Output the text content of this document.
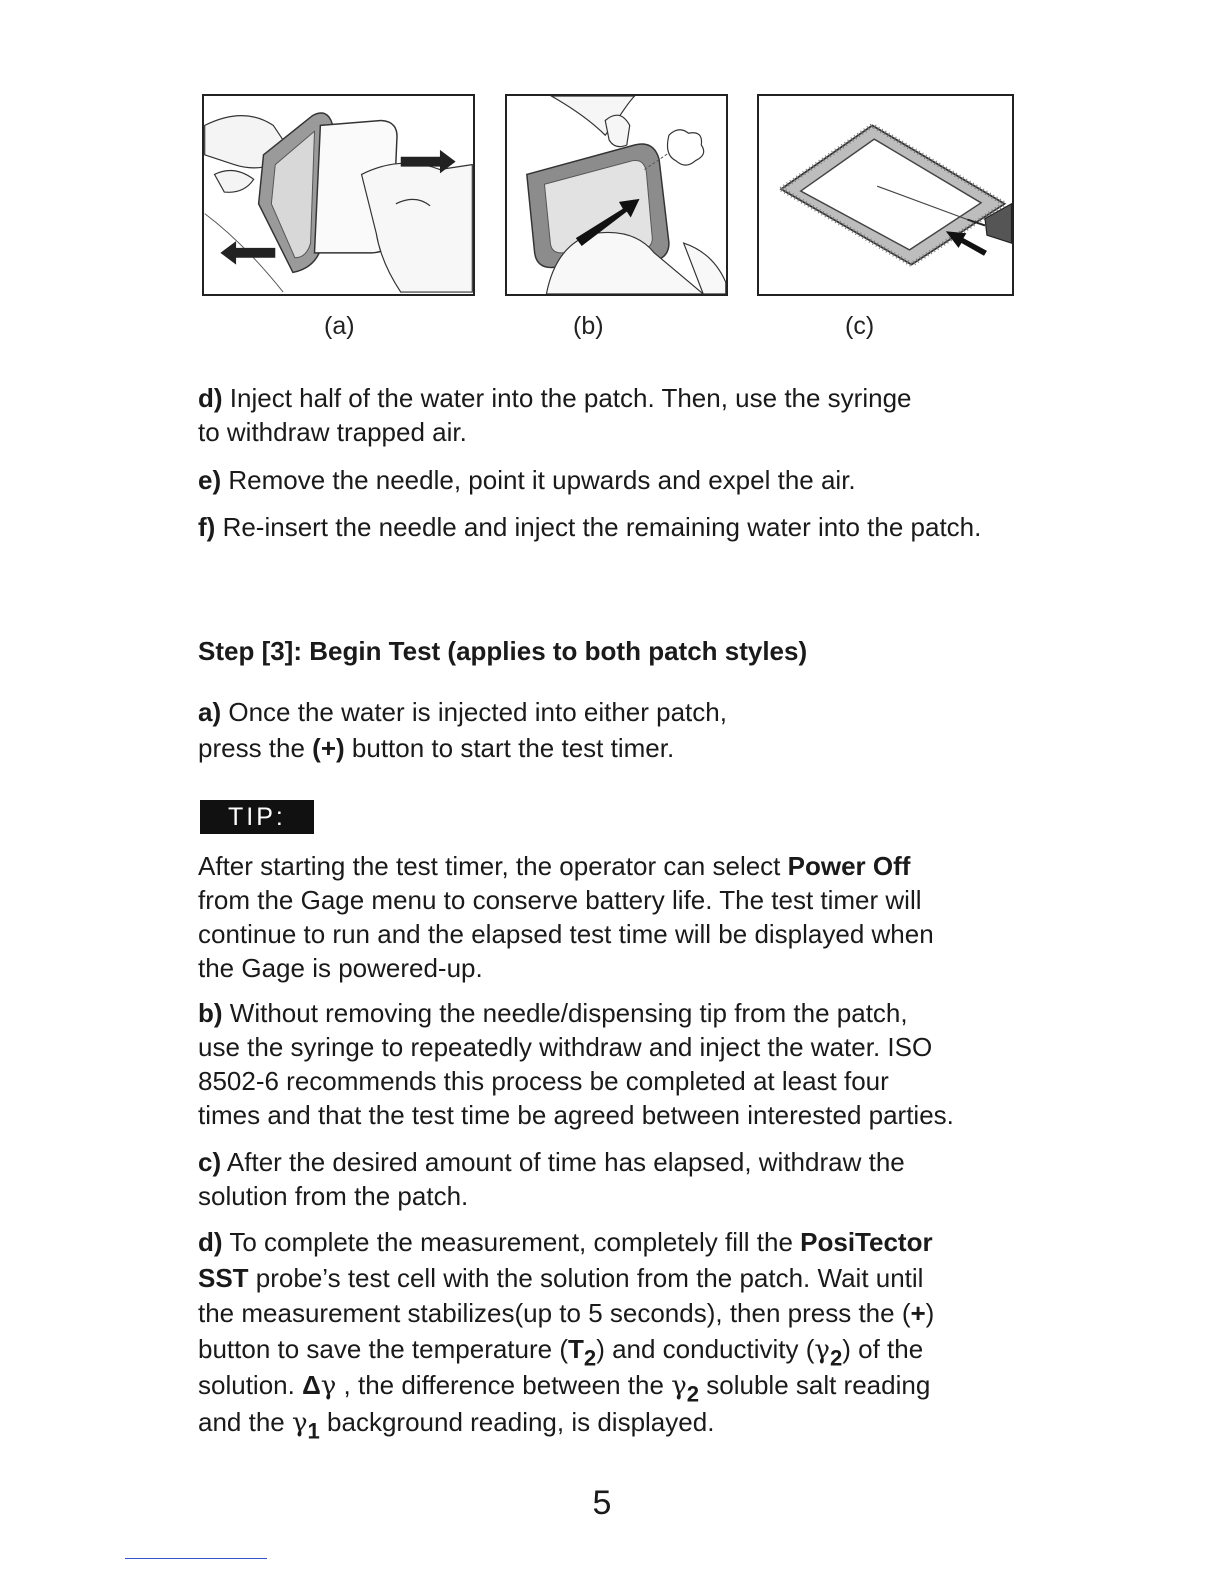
(a)	(b)	(c)
d) Inject half of the water into the patch. Then, use the syringe
to withdraw trapped air.
e) Remove the needle, point it upwards and expel the air.
f) Re-insert the needle and inject the remaining water into the patch.
Step [3]: Begin Test (applies to both patch styles)
a) Once the water is injected into either patch,
press the (+) button to start the test timer.
TIP:
After starting the test timer, the operator can select Power Off
from the Gage menu to conserve battery life. The test timer will
continue to run and the elapsed test time will be displayed when
the Gage is powered-up.
b) Without removing the needle/dispensing tip from the patch,
use the syringe to repeatedly withdraw and inject the water. ISO
8502-6 recommends this process be completed at least four
times and that the test time be agreed between interested parties.
c) After the desired amount of time has elapsed, withdraw the
solution from the patch.
d) To complete the measurement, completely fill the PosiTector
SST probe’s test cell with the solution from the patch. Wait until
the measurement stabilizes(up to 5 seconds), then press the (+)
button to save the temperature $(T_2)$ and conductivity $(\gamma_2)$ of the
solution. Δγ , the difference between the $\gamma_2$ soluble salt reading
and the $\gamma_1$ background reading, is displayed.
5
